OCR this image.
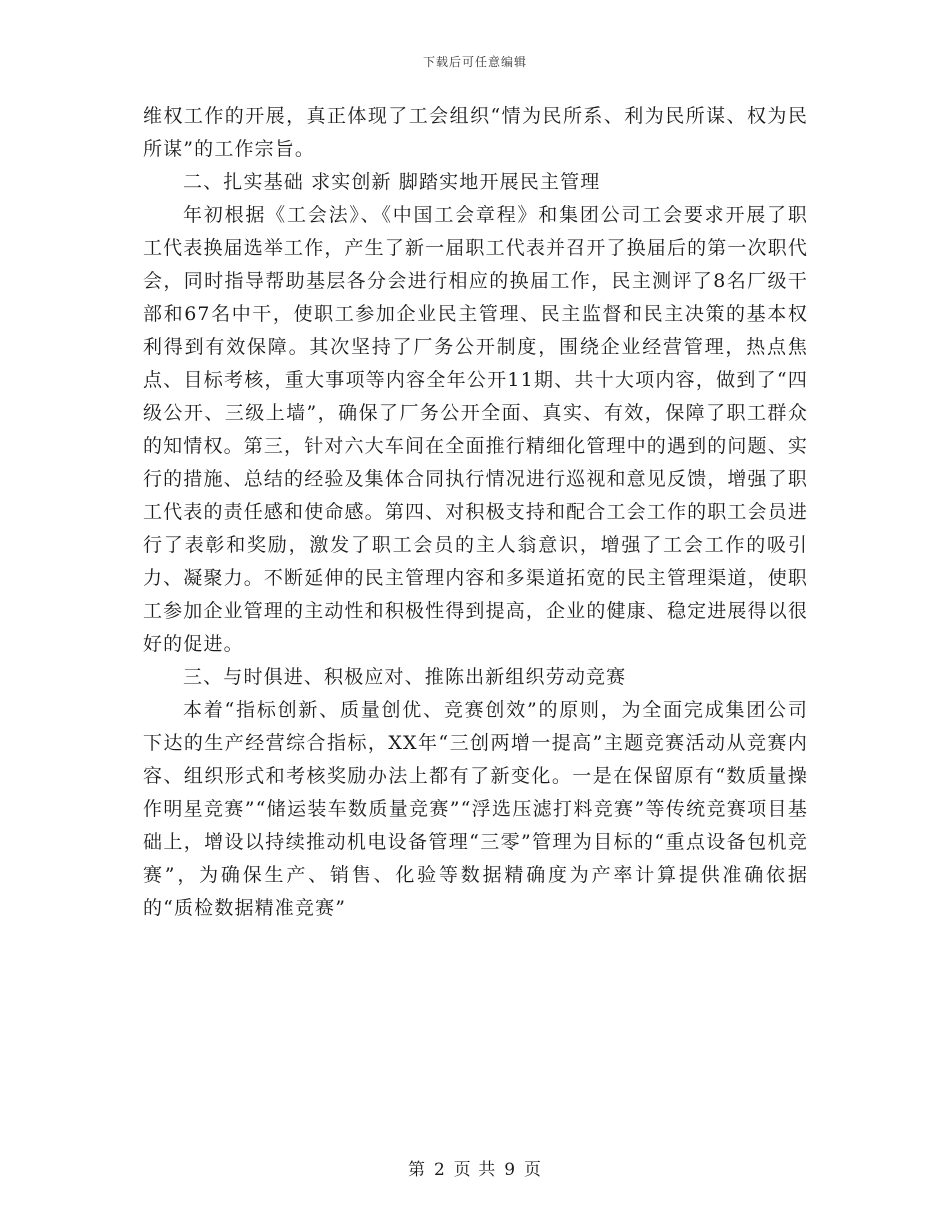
下载后可任意编辑

维权工作的开展，真正体现了工会组织“情为民所系、利为民所谋、权为民所谋”的工作宗旨。

二、扎实基础 求实创新 脚踏实地开展民主管理

年初根据《工会法》、《中国工会章程》和集团公司工会要求开展了职工代表换届选举工作，产生了新一届职工代表并召开了换届后的第一次职代会，同时指导帮助基层各分会进行相应的换届工作，民主测评了8名厂级干部和67名中干，使职工参加企业民主管理、民主监督和民主决策的基本权利得到有效保障。其次坚持了厂务公开制度，围绕企业经营管理，热点焦点、目标考核，重大事项等内容全年公开11期、共十大项内容，做到了“四级公开、三级上墙”，确保了厂务公开全面、真实、有效，保障了职工群众的知情权。第三，针对六大车间在全面推行精细化管理中的遇到的问题、实行的措施、总结的经验及集体合同执行情况进行巡视和意见反馈，增强了职工代表的责任感和使命感。第四、对积极支持和配合工会工作的职工会员进行了表彰和奖励，激发了职工会员的主人翁意识，增强了工会工作的吸引力、凝聚力。不断延伸的民主管理内容和多渠道拓宽的民主管理渠道，使职工参加企业管理的主动性和积极性得到提高，企业的健康、稳定进展得以很好的促进。

三、与时俱进、积极应对、推陈出新组织劳动竞赛

本着“指标创新、质量创优、竞赛创效”的原则，为全面完成集团公司下达的生产经营综合指标，XX年“三创两增一提高”主题竞赛活动从竞赛内容、组织形式和考核奖励办法上都有了新变化。一是在保留原有“数质量操作明星竞赛”“储运装车数质量竞赛”“浮选压滤打料竞赛”等传统竞赛项目基础上，增设以持续推动机电设备管理“三零”管理为目标的“重点设备包机竞赛”，为确保生产、销售、化验等数据精确度为产率计算提供准确依据的“质检数据精准竞赛”

第 2 页 共 9 页
